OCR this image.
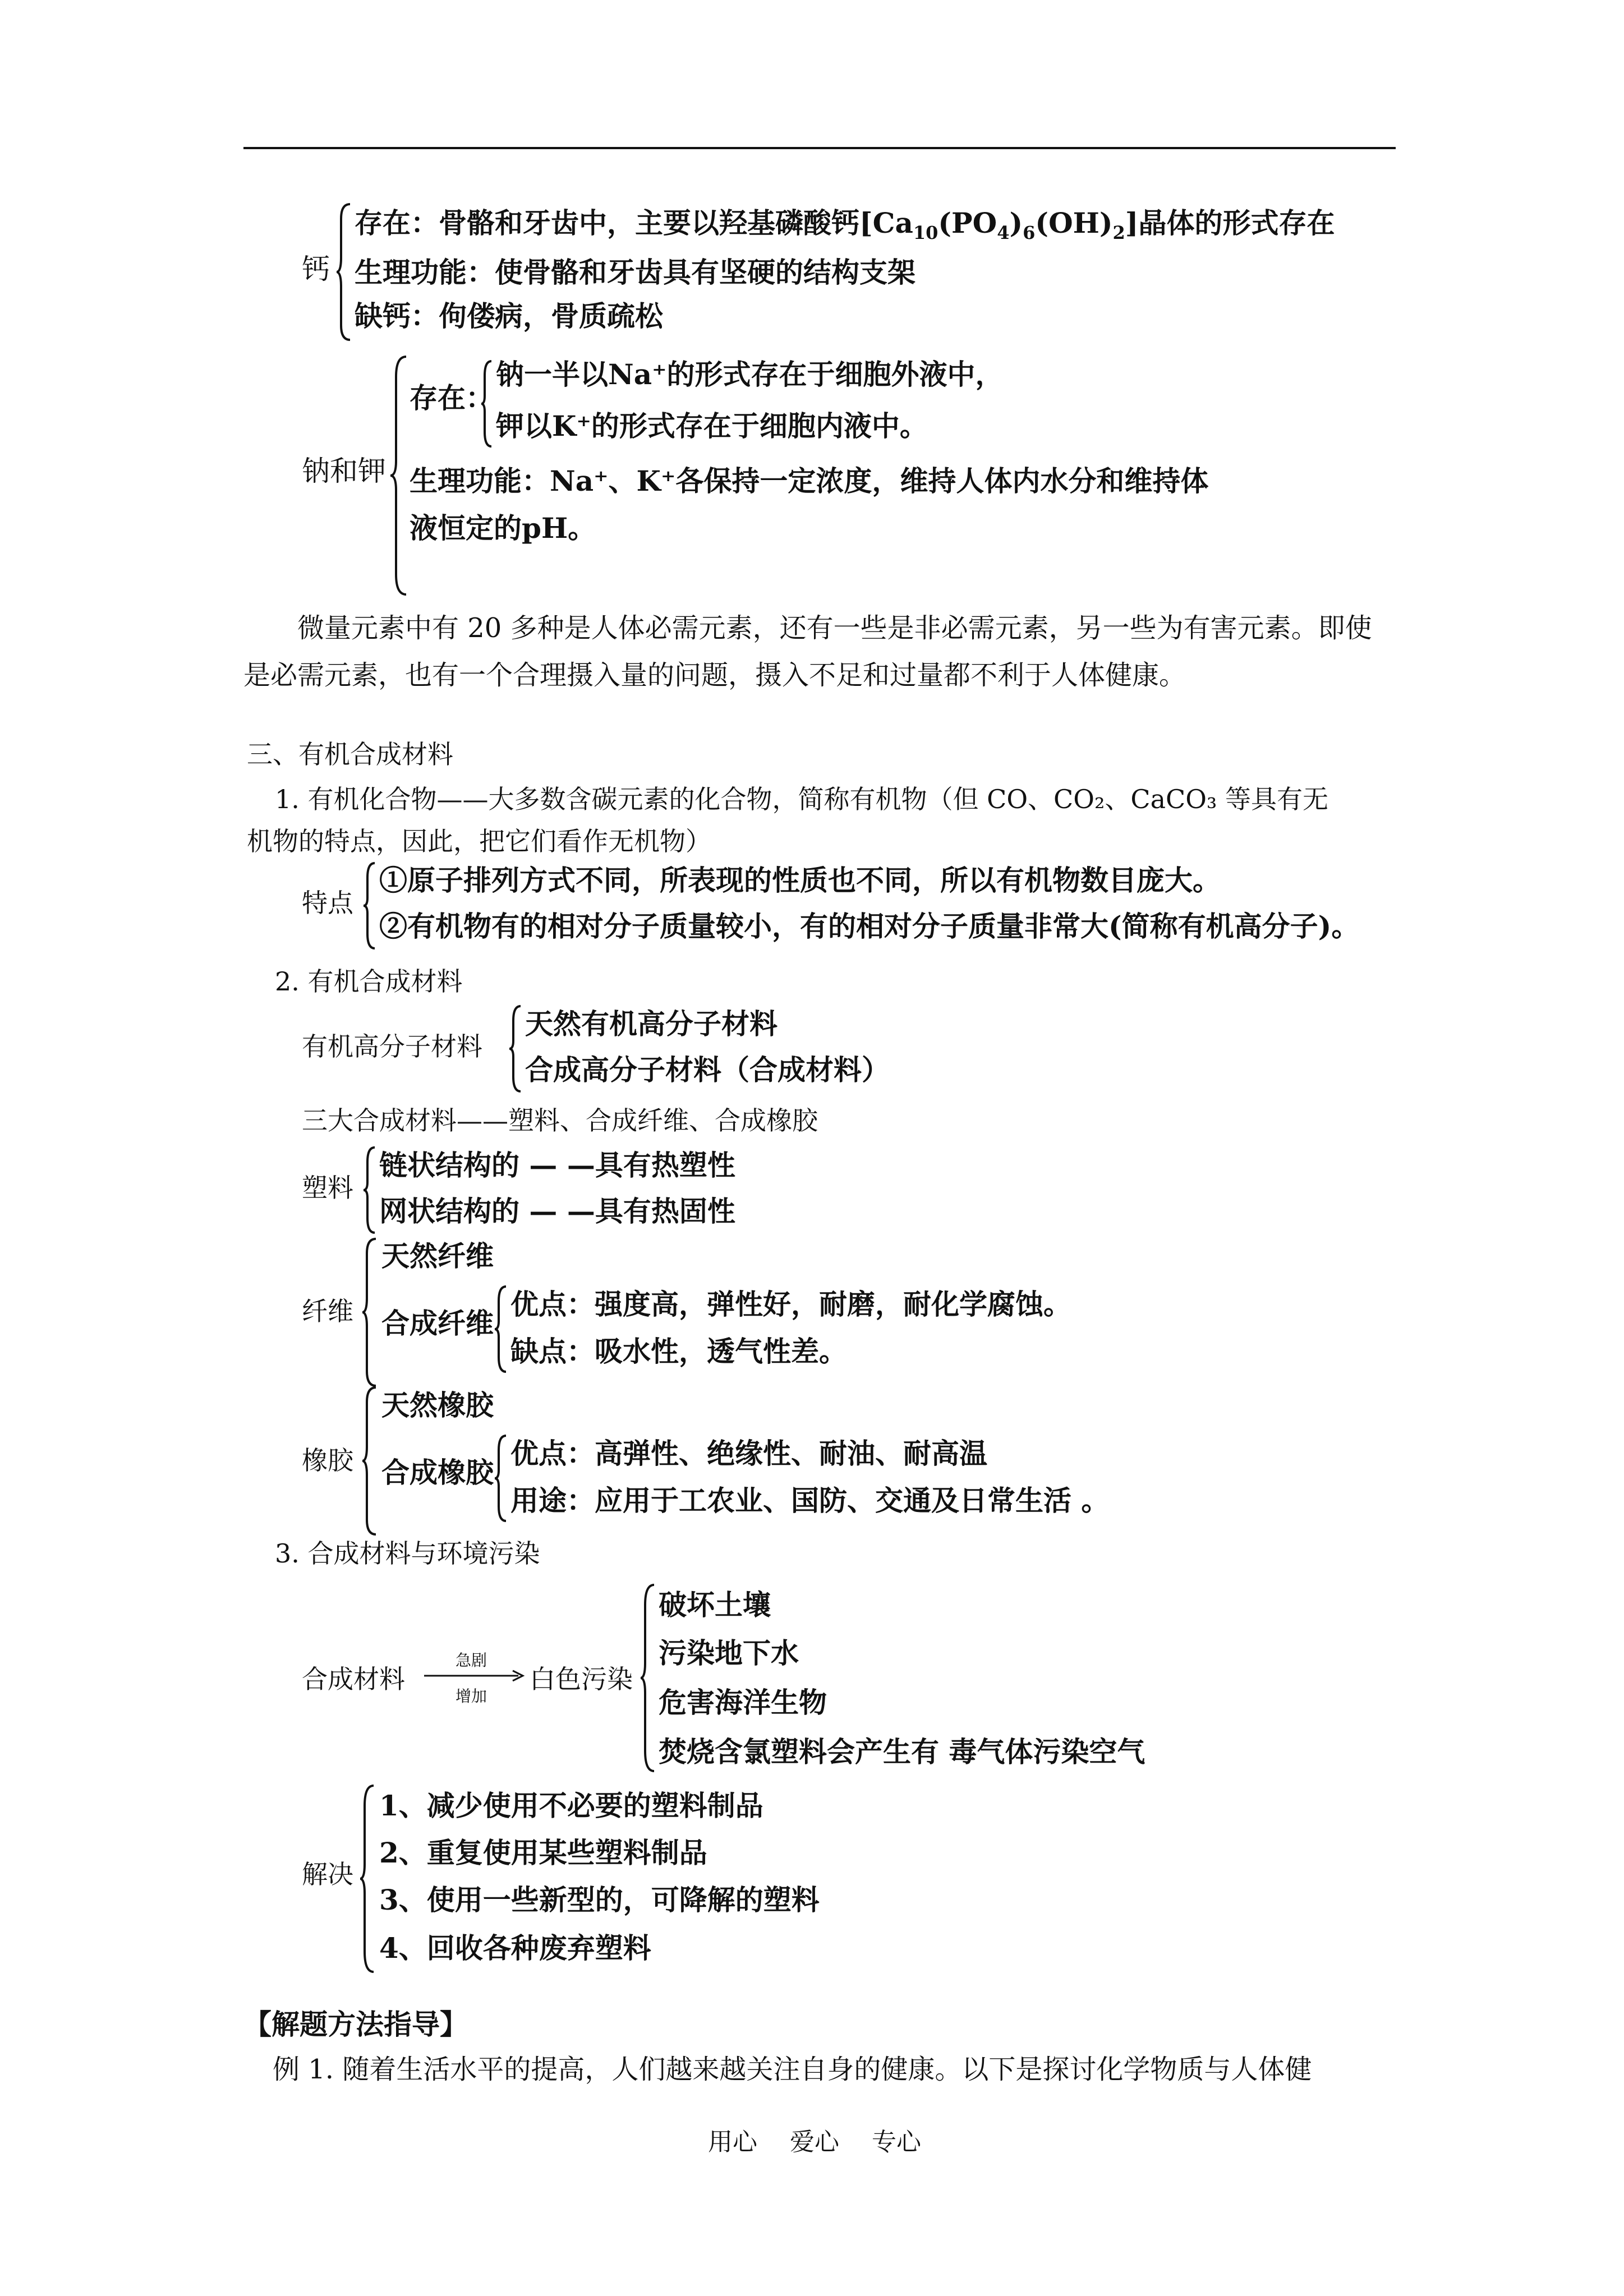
钙
存在：骨骼和牙齿中，主要以羟基磷酸钙$[Ca_{10}(PO_4)_6(OH)_2]$晶体的形式存在
生理功能：使骨骼和牙齿具有坚硬的结构支架
缺钙：佝偻病，骨质疏松
钠和钾
存在：
钠一半以Na⁺的形式存在于细胞外液中，
钾以K⁺的形式存在于细胞内液中。
生理功能：Na⁺、K⁺各保持一定浓度，维持人体内水分和维持体
液恒定的pH。
微量元素中有 20 多种是人体必需元素，还有一些是非必需元素，另一些为有害元素。即使是必需元素，也有一个合理摄入量的问题，摄入不足和过量都不利于人体健康。
三、有机合成材料
1. 有机化合物——大多数含碳元素的化合物，简称有机物（但 CO、CO₂、CaCO₃ 等具有无
机物的特点，因此，把它们看作无机物）
特点
①原子排列方式不同，所表现的性质也不同，所以有机物数目庞大。
②有机物有的相对分子质量较小，有的相对分子质量非常大(简称有机高分子)。
2. 有机合成材料
有机高分子材料
天然有机高分子材料
合成高分子材料（合成材料）
三大合成材料——塑料、合成纤维、合成橡胶
塑料
链状结构的 — —具有热塑性
网状结构的 — —具有热固性
纤维
天然纤维
合成纤维
优点：强度高，弹性好，耐磨，耐化学腐蚀。
缺点：吸水性，透气性差。
橡胶
天然橡胶
合成橡胶
优点：高弹性、绝缘性、耐油、耐高温
用途：应用于工农业、国防、交通及日常生活 。
3. 合成材料与环境污染
合成材料
急剧
增加
白色污染
破坏土壤
污染地下水
危害海洋生物
焚烧含氯塑料会产生有 毒气体污染空气
解决
1、减少使用不必要的塑料制品
2、重复使用某些塑料制品
3、使用一些新型的，可降解的塑料
4、回收各种废弃塑料
【解题方法指导】
例 1. 随着生活水平的提高，人们越来越关注自身的健康。以下是探讨化学物质与人体健
用心　 爱心　 专心
